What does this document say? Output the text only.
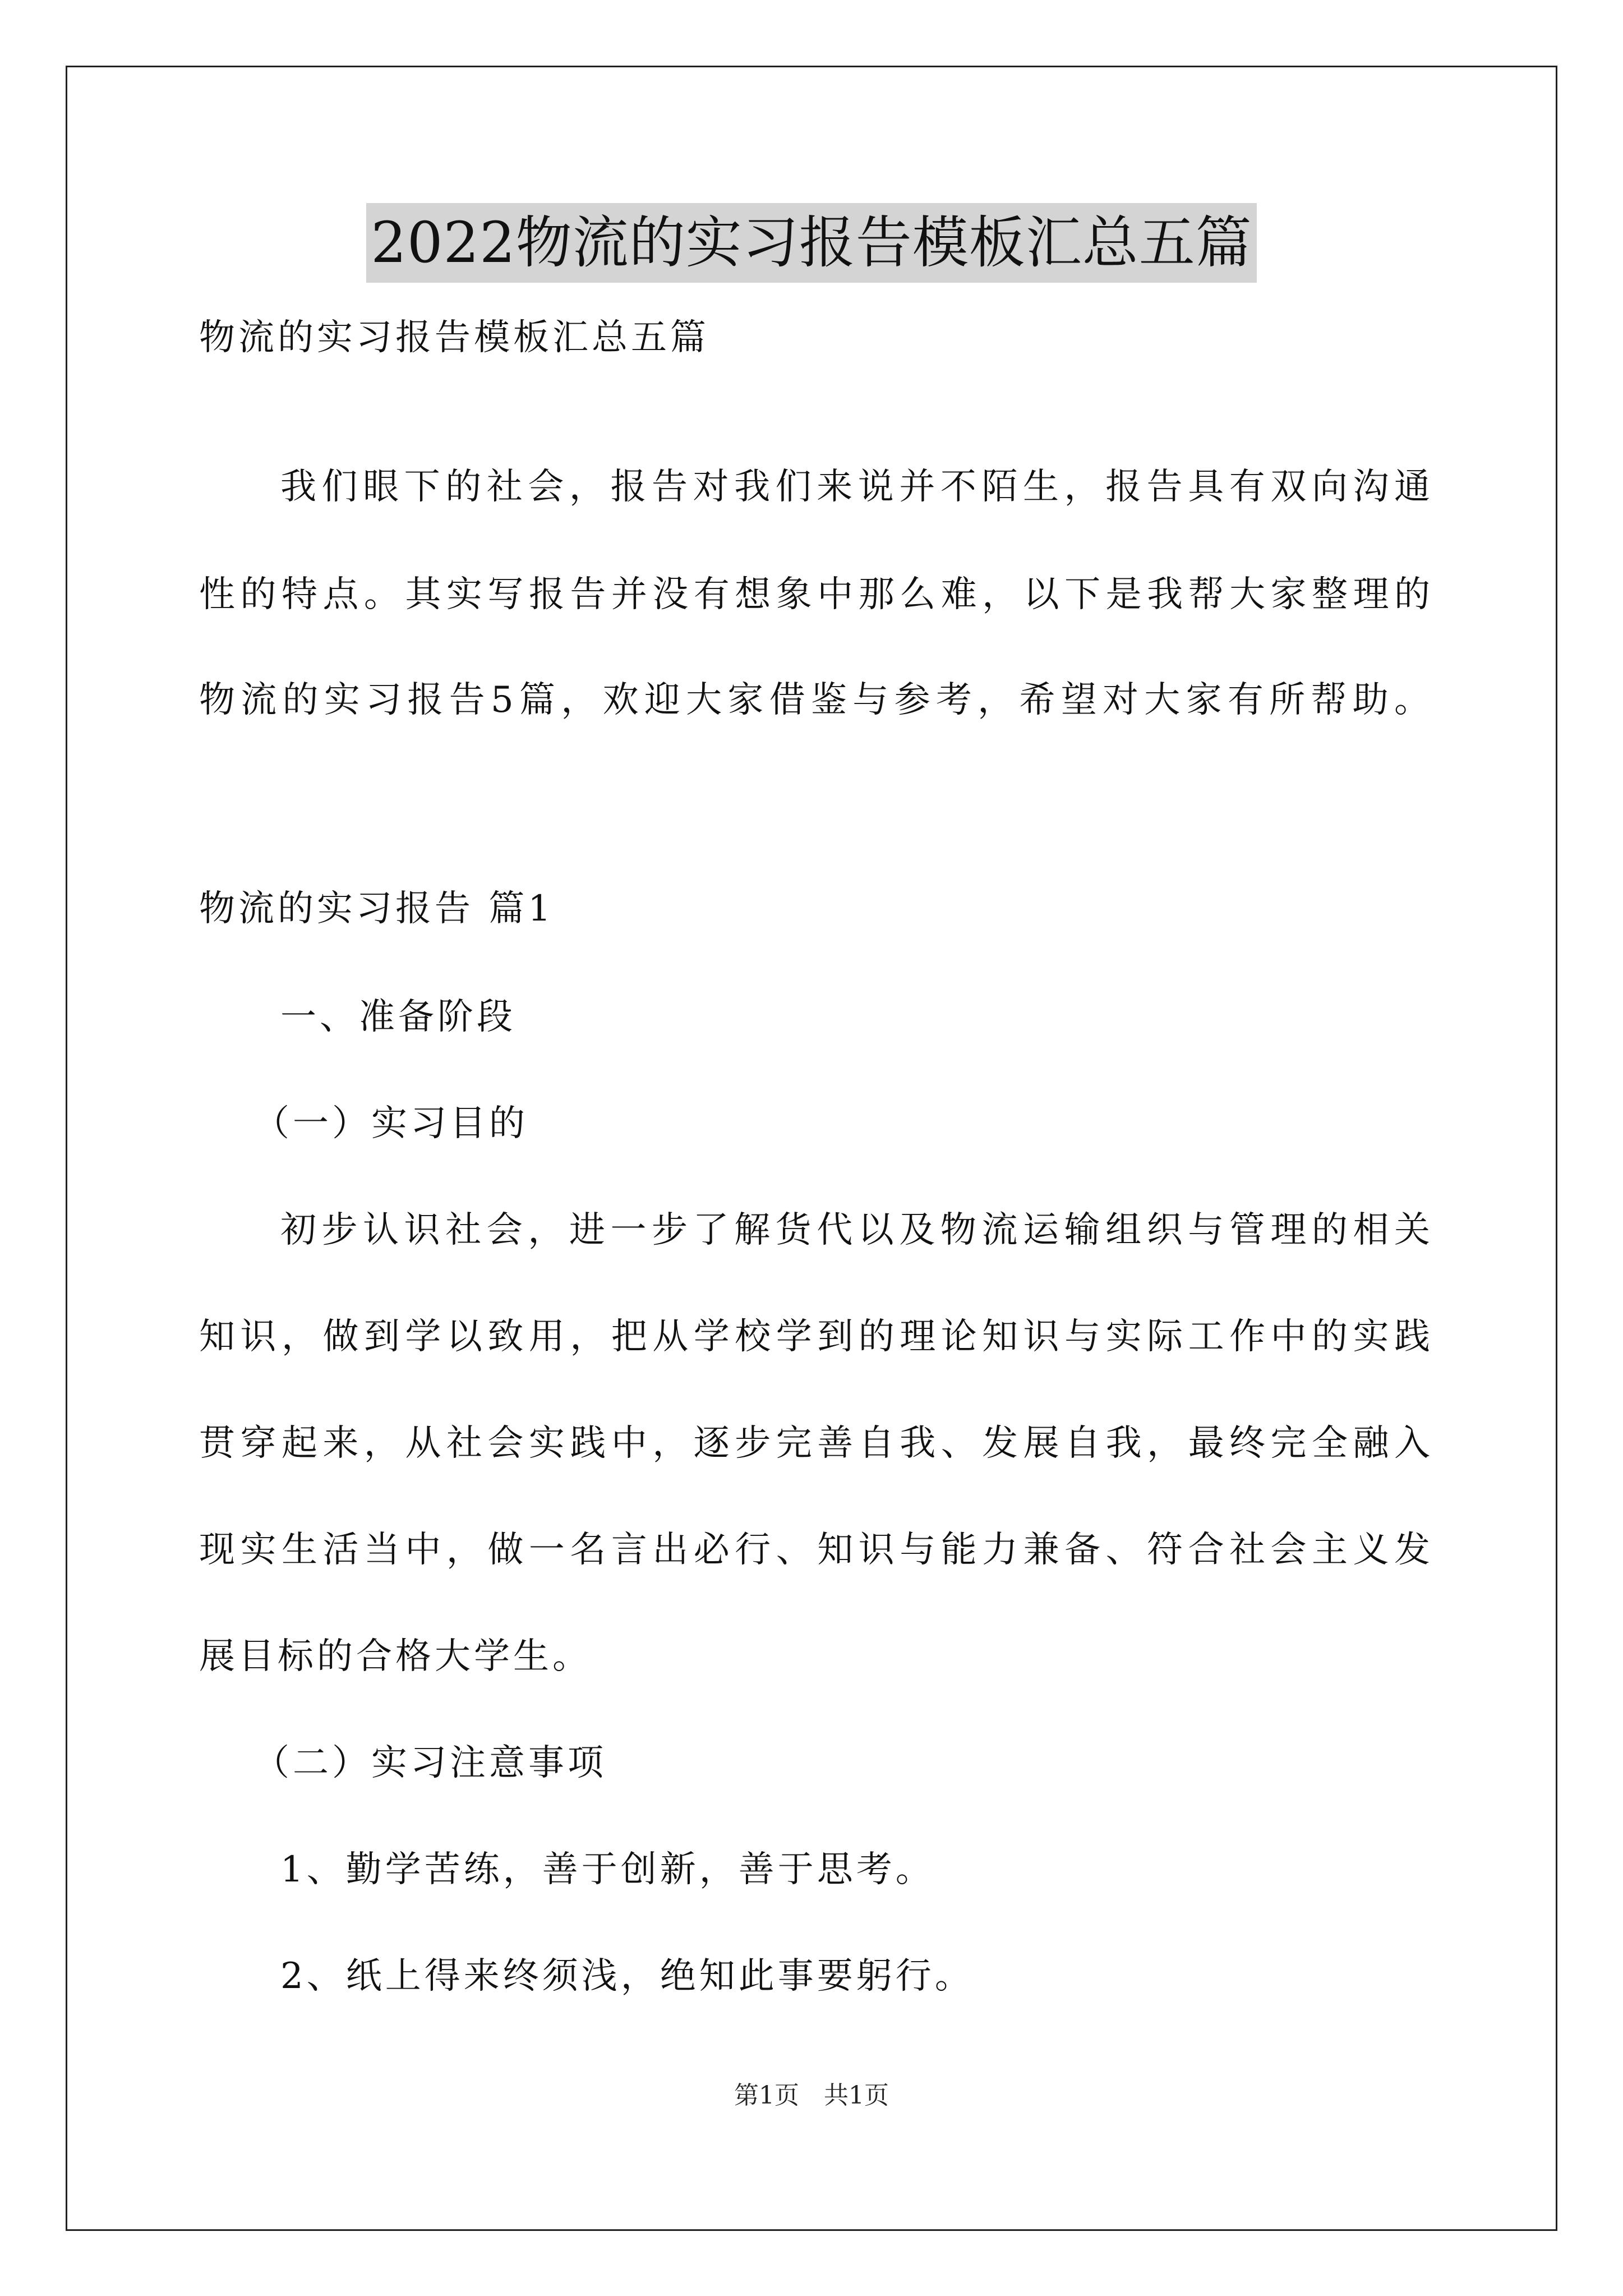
2022物流的实习报告模板汇总五篇
物流的实习报告模板汇总五篇
我们眼下的社会，报告对我们来说并不陌生，报告具有双向沟通
性的特点。其实写报告并没有想象中那么难，以下是我帮大家整理的
物流的实习报告5篇，欢迎大家借鉴与参考，希望对大家有所帮助。
物流的实习报告 篇1
一、准备阶段
（一）实习目的
初步认识社会，进一步了解货代以及物流运输组织与管理的相关
知识，做到学以致用，把从学校学到的理论知识与实际工作中的实践
贯穿起来，从社会实践中，逐步完善自我、发展自我，最终完全融入
现实生活当中，做一名言出必行、知识与能力兼备、符合社会主义发
展目标的合格大学生。
（二）实习注意事项
1、勤学苦练，善于创新，善于思考。
2、纸上得来终须浅，绝知此事要躬行。
第1页　共1页
